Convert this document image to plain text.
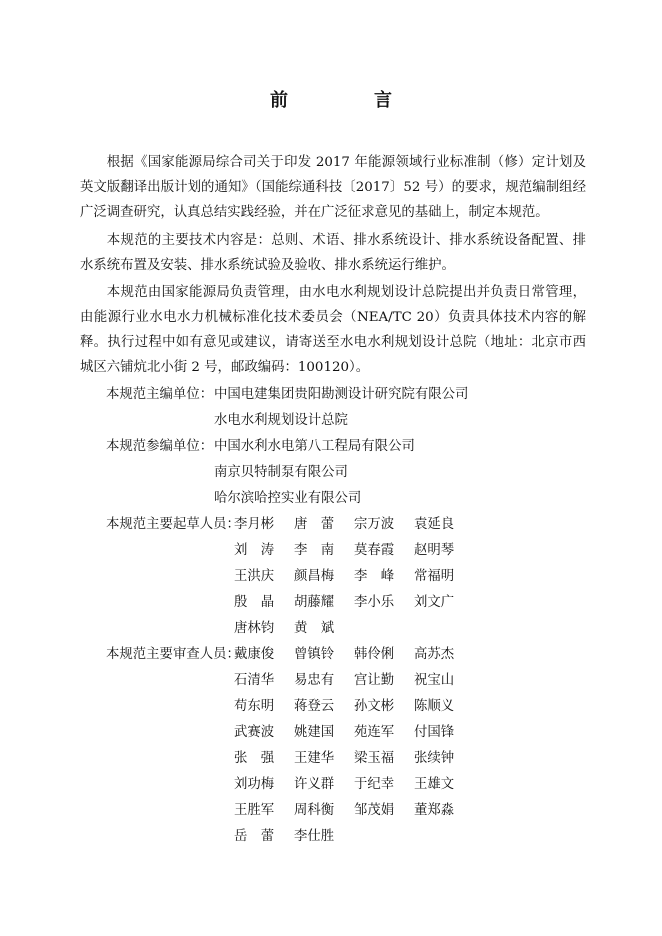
前　言

根据《国家能源局综合司关于印发 2017 年能源领域行业标准制（修）定计划及英文版翻译出版计划的通知》（国能综通科技〔2017〕52 号）的要求，规范编制组经广泛调查研究，认真总结实践经验，并在广泛征求意见的基础上，制定本规范。

本规范的主要技术内容是：总则、术语、排水系统设计、排水系统设备配置、排水系统布置及安装、排水系统试验及验收、排水系统运行维护。

本规范由国家能源局负责管理，由水电水利规划设计总院提出并负责日常管理，由能源行业水电水力机械标准化技术委员会（NEA/TC 20）负责具体技术内容的解释。执行过程中如有意见或建议，请寄送至水电水利规划设计总院（地址：北京市西城区六铺炕北小街 2 号，邮政编码：100120）。

本规范主编单位： 中国电建集团贵阳勘测设计研究院有限公司
水电水利规划设计总院
本规范参编单位： 中国水利水电第八工程局有限公司
南京贝特制泵有限公司
哈尔滨哈控实业有限公司
本规范主要起草人员：
李月彬 唐　蕾 宗万波 袁延良
刘　涛 李　南 莫春霞 赵明琴
王洪庆 颜昌梅 李　峰 常福明
殷　晶 胡藤耀 李小乐 刘文广
唐林钧 黄　斌
本规范主要审查人员：
戴康俊 曾镇铃 韩伶俐 高苏杰
石清华 易忠有 宫让勤 祝宝山
苟东明 蒋登云 孙文彬 陈顺义
武赛波 姚建国 苑连军 付国锋
张　强 王建华 梁玉福 张续钟
刘功梅 许义群 于纪幸 王雄文
王胜军 周科衡 邹茂娟 董郑淼
岳　蕾 李仕胜
